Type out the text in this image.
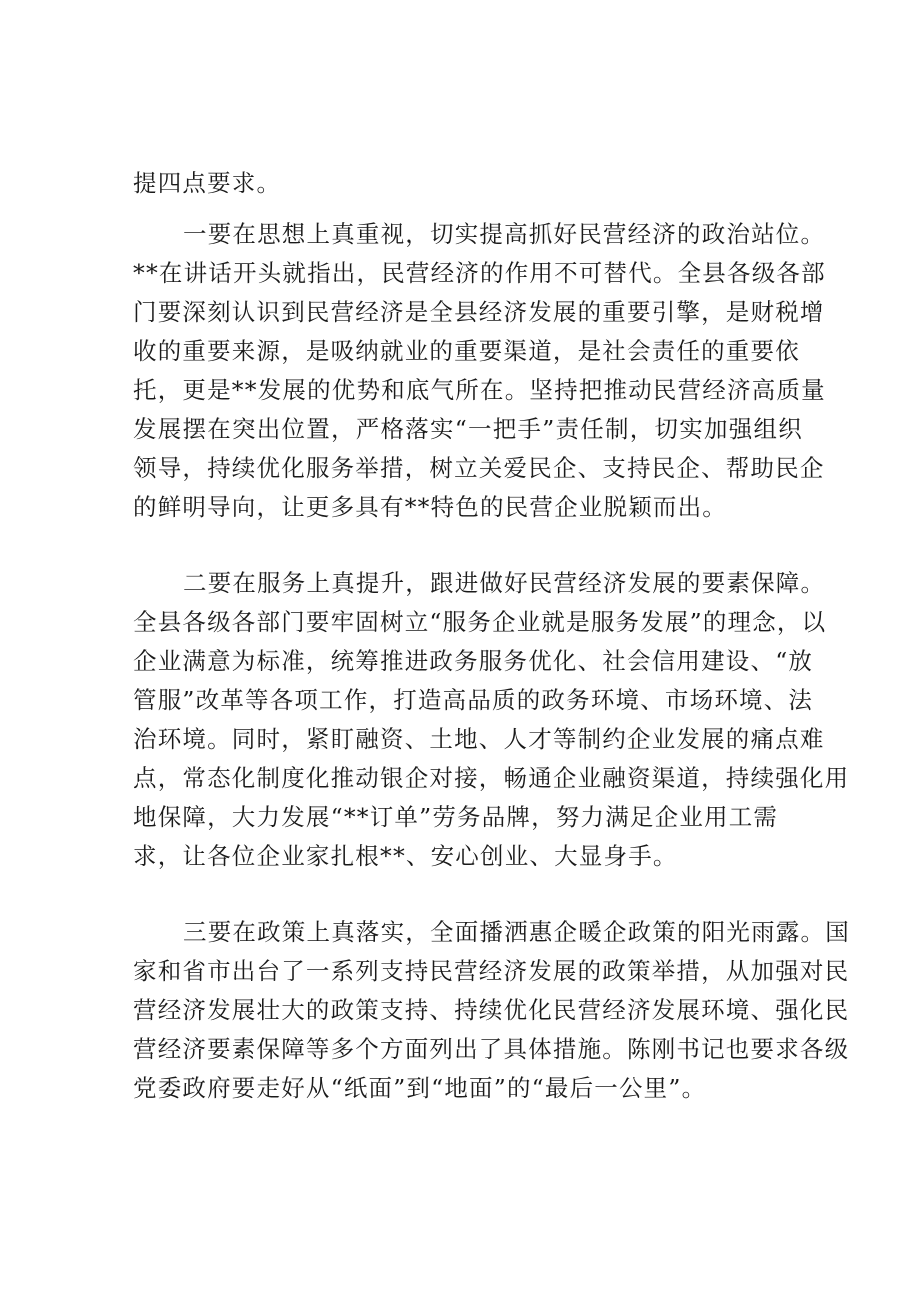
提四点要求。
一要在思想上真重视，切实提高抓好民营经济的政治站位。
**在讲话开头就指出，民营经济的作用不可替代。全县各级各部
门要深刻认识到民营经济是全县经济发展的重要引擎，是财税增
收的重要来源，是吸纳就业的重要渠道，是社会责任的重要依
托，更是**发展的优势和底气所在。坚持把推动民营经济高质量
发展摆在突出位置，严格落实“一把手”责任制，切实加强组织
领导，持续优化服务举措，树立关爱民企、支持民企、帮助民企
的鲜明导向，让更多具有**特色的民营企业脱颖而出。
二要在服务上真提升，跟进做好民营经济发展的要素保障。
全县各级各部门要牢固树立“服务企业就是服务发展”的理念，以
企业满意为标准，统筹推进政务服务优化、社会信用建设、“放
管服”改革等各项工作，打造高品质的政务环境、市场环境、法
治环境。同时，紧盯融资、土地、人才等制约企业发展的痛点难
点，常态化制度化推动银企对接，畅通企业融资渠道，持续强化用
地保障，大力发展“**订单”劳务品牌，努力满足企业用工需
求，让各位企业家扎根**、安心创业、大显身手。
三要在政策上真落实，全面播洒惠企暖企政策的阳光雨露。国
家和省市出台了一系列支持民营经济发展的政策举措，从加强对民
营经济发展壮大的政策支持、持续优化民营经济发展环境、强化民
营经济要素保障等多个方面列出了具体措施。陈刚书记也要求各级
党委政府要走好从“纸面”到“地面”的“最后一公里”。
